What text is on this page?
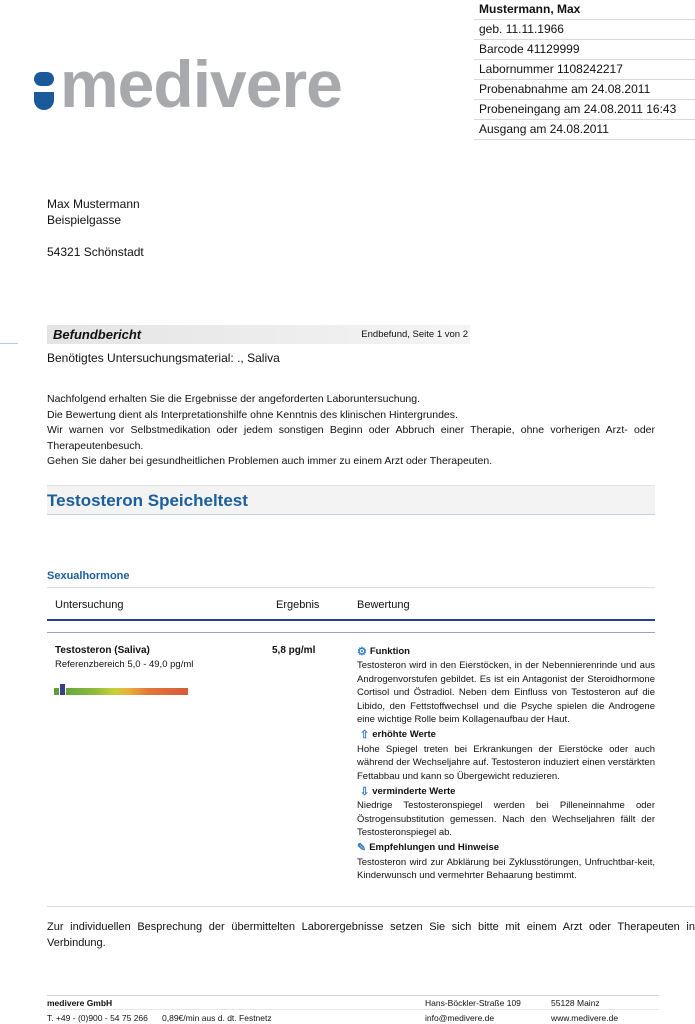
medivere
Mustermann, Max
geb. 11.11.1966
Barcode 41129999
Labornummer 1108242217
Probenabnahme am 24.08.2011
Probeneingang am 24.08.2011 16:43
Ausgang am 24.08.2011
Max Mustermann
Beispielgasse
54321 Schönstadt
Befundbericht	Endbefund, Seite 1 von 2
Benötigtes Untersuchungsmaterial: ., Saliva

Nachfolgend erhalten Sie die Ergebnisse der angeforderten Laboruntersuchung.

Die Bewertung dient als Interpretationshilfe ohne Kenntnis des klinischen Hintergrundes.

Wir warnen vor Selbstmedikation oder jedem sonstigen Beginn oder Abbruch einer Therapie, ohne vorherigen Arzt- oder Therapeutenbesuch.

Gehen Sie daher bei gesundheitlichen Problemen auch immer zu einem Arzt oder Therapeuten.

Testosteron Speicheltest
Sexualhormone
Untersuchung	Ergebnis	Bewertung
Testosteron (Saliva)
Referenzbereich 5,0 - 49,0 pg/ml
5,8 pg/ml	⚙ Funktion

Testosteron wird in den Eierstöcken, in der Nebennierenrinde und aus Androgenvorstufen gebildet. Es ist ein Antagonist der Steroidhormone Cortisol und Östradiol. Neben dem Einfluss von Testosteron auf die Libido, den Fettstoffwechsel und die Psyche spielen die Androgene eine wichtige Rolle beim Kollagenaufbau der Haut.

⇧ erhöhte Werte

Hohe Spiegel treten bei Erkrankungen der Eierstöcke oder auch während der Wechseljahre auf. Testosteron induziert einen verstärkten Fettabbau und kann so Übergewicht reduzieren.

⇩ verminderte Werte

Niedrige Testosteronspiegel werden bei Pilleneinnahme oder Östrogensubstitution gemessen. Nach den Wechseljahren fällt der Testosteronspiegel ab.

✎ Empfehlungen und Hinweise

Testosteron wird zur Abklärung bei Zyklusstörungen, Unfruchtbar-keit, Kinderwunsch und vermehrter Behaarung bestimmt.

Zur individuellen Besprechung der übermittelten Laborergebnisse setzen Sie sich bitte mit einem Arzt oder Therapeuten in Verbindung.
medivere GmbH
T. +49 - (0)900 - 54 75 266 0,89€/min aus d. dt. Festnetz
Hans-Böckler-Straße 109	55128 Mainz
info@medivere.de	www.medivere.de
